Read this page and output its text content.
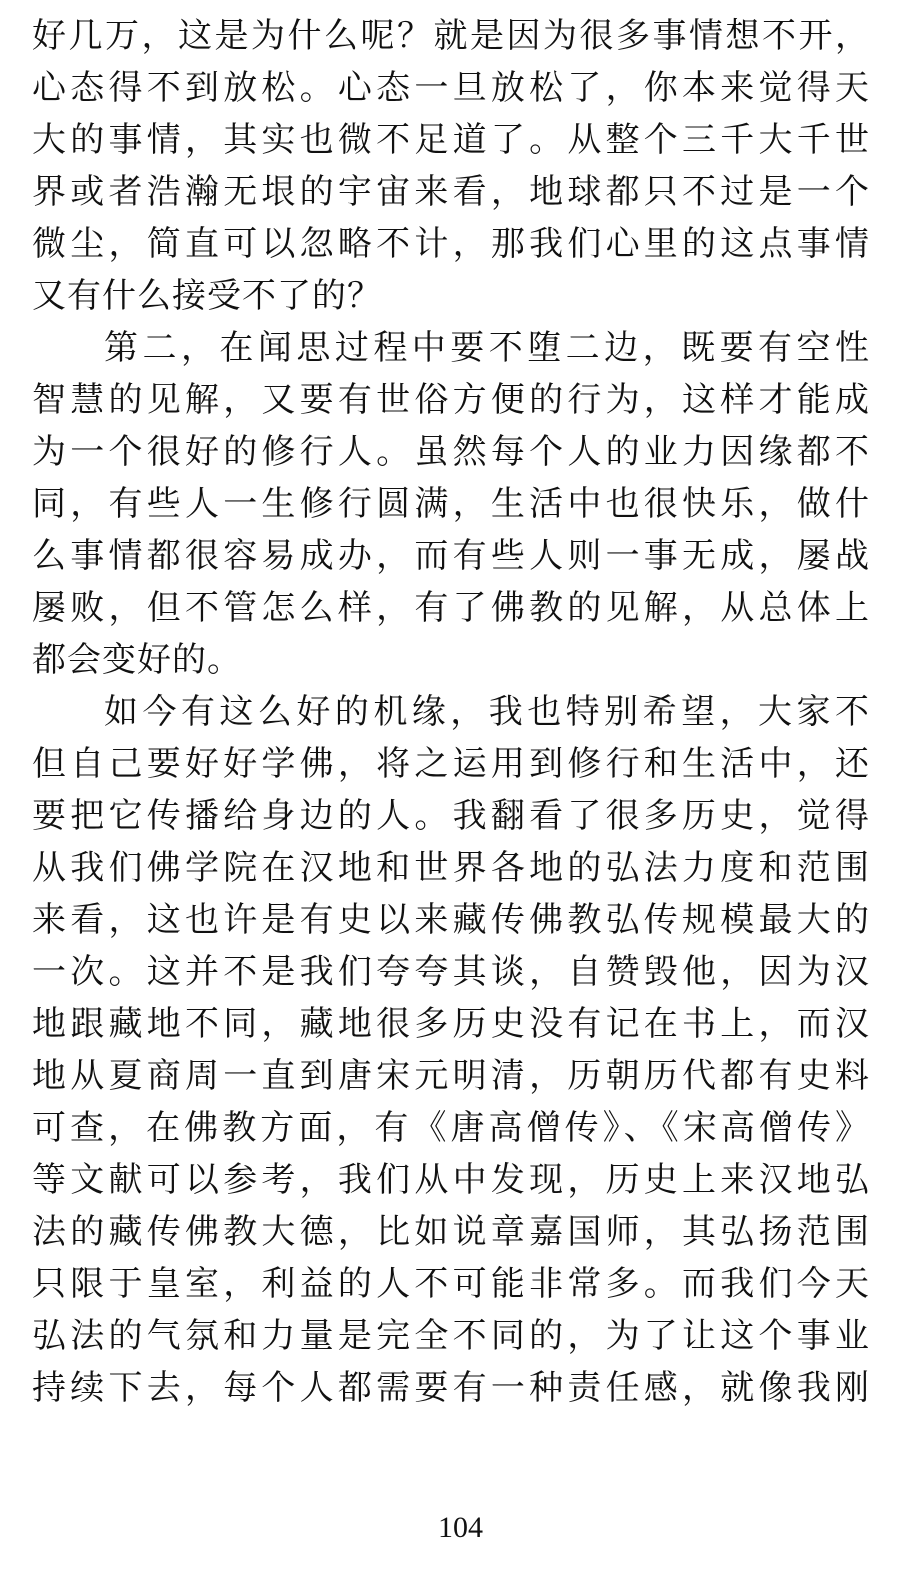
好几万，这是为什么呢？就是因为很多事情想不开，
心态得不到放松。心态一旦放松了，你本来觉得天
大的事情，其实也微不足道了。从整个三千大千世
界或者浩瀚无垠的宇宙来看，地球都只不过是一个
微尘，简直可以忽略不计，那我们心里的这点事情
又有什么接受不了的？
第二，在闻思过程中要不堕二边，既要有空性
智慧的见解，又要有世俗方便的行为，这样才能成
为一个很好的修行人。虽然每个人的业力因缘都不
同，有些人一生修行圆满，生活中也很快乐，做什
么事情都很容易成办，而有些人则一事无成，屡战
屡败，但不管怎么样，有了佛教的见解，从总体上
都会变好的。
如今有这么好的机缘，我也特别希望，大家不
但自己要好好学佛，将之运用到修行和生活中，还
要把它传播给身边的人。我翻看了很多历史，觉得
从我们佛学院在汉地和世界各地的弘法力度和范围
来看，这也许是有史以来藏传佛教弘传规模最大的
一次。这并不是我们夸夸其谈，自赞毁他，因为汉
地跟藏地不同，藏地很多历史没有记在书上，而汉
地从夏商周一直到唐宋元明清，历朝历代都有史料
可查，在佛教方面，有《唐高僧传》、《宋高僧传》
等文献可以参考，我们从中发现，历史上来汉地弘
法的藏传佛教大德，比如说章嘉国师，其弘扬范围
只限于皇室，利益的人不可能非常多。而我们今天
弘法的气氛和力量是完全不同的，为了让这个事业
持续下去，每个人都需要有一种责任感，就像我刚
104
